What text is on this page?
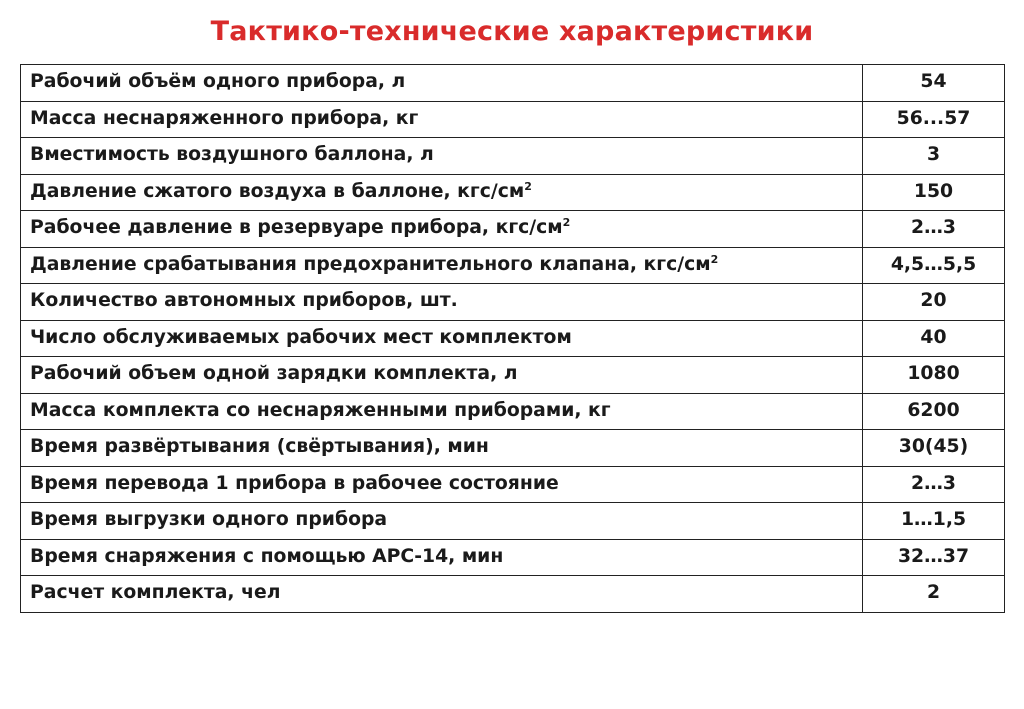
Тактико-технические характеристики
Рабочий объём одного прибора, л	54
Масса неснаряженного прибора, кг	56...57
Вместимость воздушного баллона, л	3
Давление сжатого воздуха в баллоне, кгс/$см^2$	150
Рабочее давление в резервуаре прибора, кгс/$см^2$	2…3
Давление срабатывания предохранительного клапана, кгс/$см^2$	4,5…5,5
Количество автономных приборов, шт.	20
Число обслуживаемых рабочих мест комплектом	40
Рабочий объем одной зарядки комплекта, л	1080
Масса комплекта со неснаряженными приборами, кг	6200
Время развёртывания (свёртывания), мин	30(45)
Время перевода 1 прибора в рабочее состояние	2…3
Время выгрузки одного прибора	1…1,5
Время снаряжения с помощью АРС-14, мин	32…37
Расчет комплекта, чел	2
